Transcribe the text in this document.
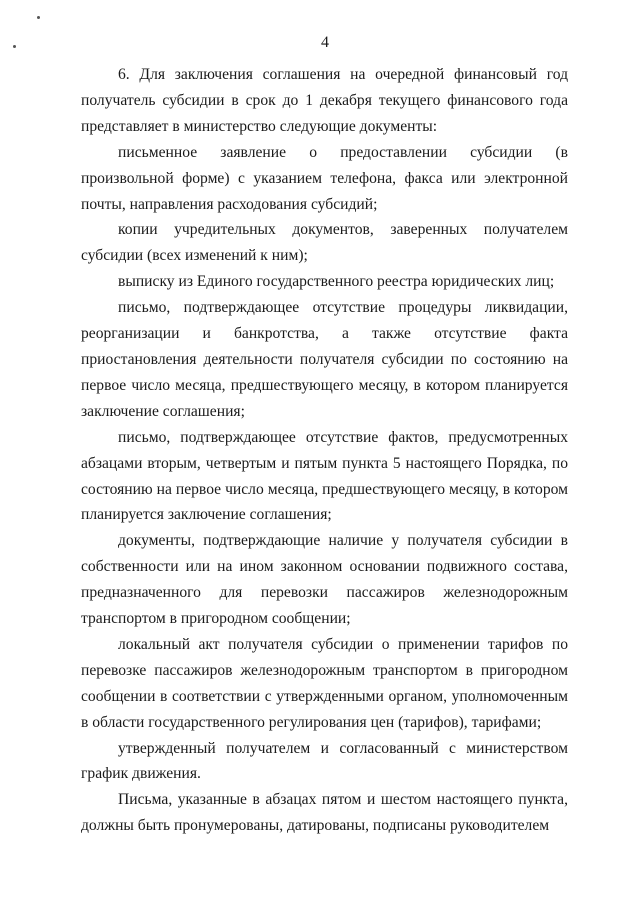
4

6. Для заключения соглашения на очередной финансовый год получатель субсидии в срок до 1 декабря текущего финансового года представляет в министерство следующие документы:

письменное заявление о предоставлении субсидии (в произвольной форме) с указанием телефона, факса или электронной почты, направления расходования субсидий;

копии учредительных документов, заверенных получателем субсидии (всех изменений к ним);

выписку из Единого государственного реестра юридических лиц;

письмо, подтверждающее отсутствие процедуры ликвидации, реорганизации и банкротства, а также отсутствие факта приостановления деятельности получателя субсидии по состоянию на первое число месяца, предшествующего месяцу, в котором планируется заключение соглашения;

письмо, подтверждающее отсутствие фактов, предусмотренных абзацами вторым, четвертым и пятым пункта 5 настоящего Порядка, по состоянию на первое число месяца, предшествующего месяцу, в котором планируется заключение соглашения;

документы, подтверждающие наличие у получателя субсидии в собственности или на ином законном основании подвижного состава, предназначенного для перевозки пассажиров железнодорожным транспортом в пригородном сообщении;

локальный акт получателя субсидии о применении тарифов по перевозке пассажиров железнодорожным транспортом в пригородном сообщении в соответствии с утвержденными органом, уполномоченным в области государственного регулирования цен (тарифов), тарифами;

утвержденный получателем и согласованный с министерством график движения.

Письма, указанные в абзацах пятом и шестом настоящего пункта, должны быть пронумерованы, датированы, подписаны руководителем
